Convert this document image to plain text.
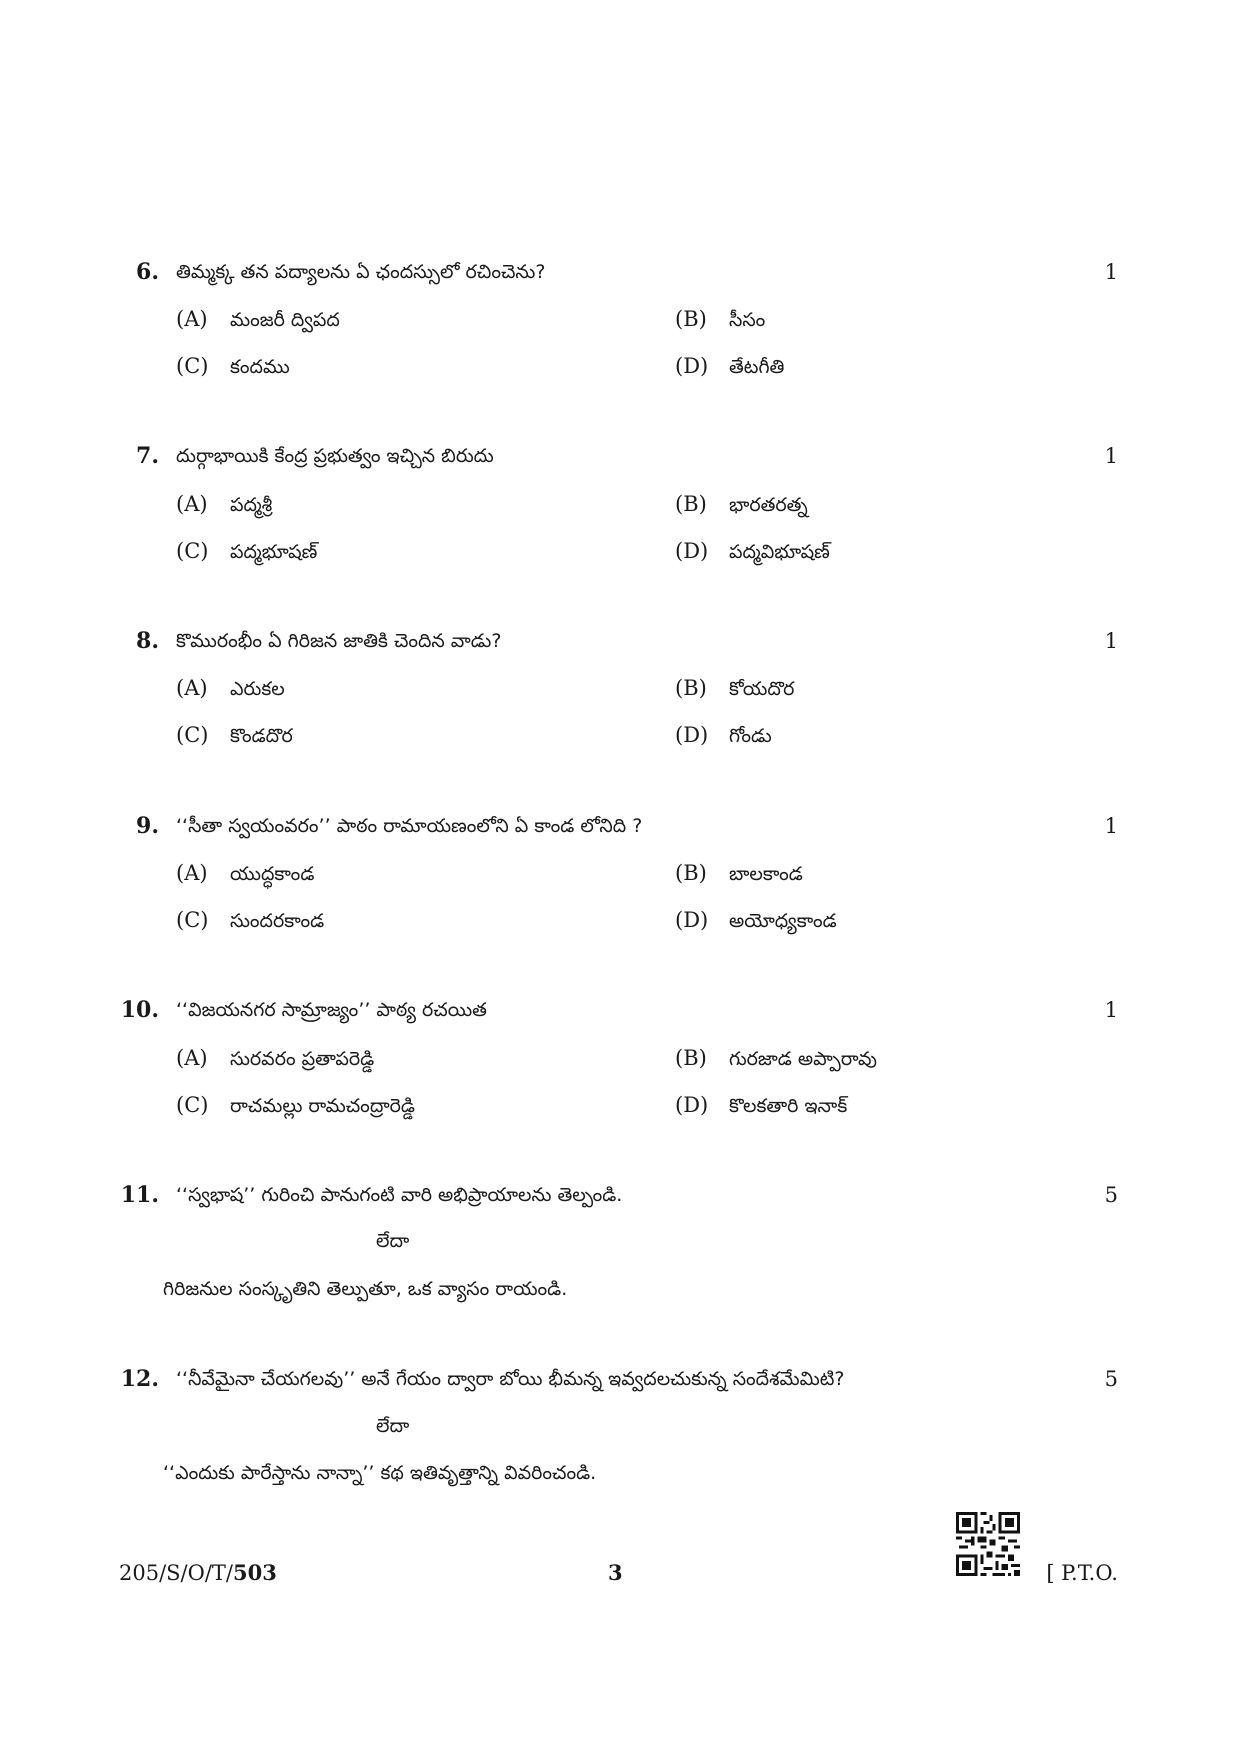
6. తిమ్మక్క తన పద్యాలను ఏ ఛందస్సులో రచించెను?	1
(A) మంజరీ ద్విపద	(B) సీసం
(C) కందము	(D) తేటగీతి
7. దుర్గాభాయికి కేంద్ర ప్రభుత్వం ఇచ్చిన బిరుదు	1
(A) పద్మశ్రీ	(B) భారతరత్న
(C) పద్మభూషణ్	(D) పద్మవిభూషణ్
8. కొమురంభీం ఏ గిరిజన జాతికి చెందిన వాడు?	1
(A) ఎరుకల	(B) కోయదొర
(C) కొండదొర	(D) గోండు
9. ‘‘సీతా స్వయంవరం’’ పాఠం రామాయణంలోని ఏ కాండ లోనిది ?	1
(A) యుద్ధకాండ	(B) బాలకాండ
(C) సుందరకాండ	(D) అయోధ్యకాండ
10. ‘‘విజయనగర సామ్రాజ్యం’’ పాఠ్య రచయిత	1
(A) సురవరం ప్రతాపరెడ్డి	(B) గురజాడ అప్పారావు
(C) రాచమల్లు రామచంద్రారెడ్డి	(D) కొలకతారి ఇనాక్
11. ‘‘స్వభాష’’ గురించి పానుగంటి వారి అభిప్రాయాలను తెల్పండి.	5
లేదా
గిరిజనుల సంస్కృతిని తెల్పుతూ, ఒక వ్యాసం రాయండి.
12. ‘‘నీవేమైనా చేయగలవు’’ అనే గేయం ద్వారా బోయి భీమన్న ఇవ్వదలచుకున్న సందేశమేమిటి?	5
లేదా
‘‘ఎందుకు పారేస్తాను నాన్నా’’ కథ ఇతివృత్తాన్ని వివరించండి.
205/S/O/T/503	3	[ P.T.O.
